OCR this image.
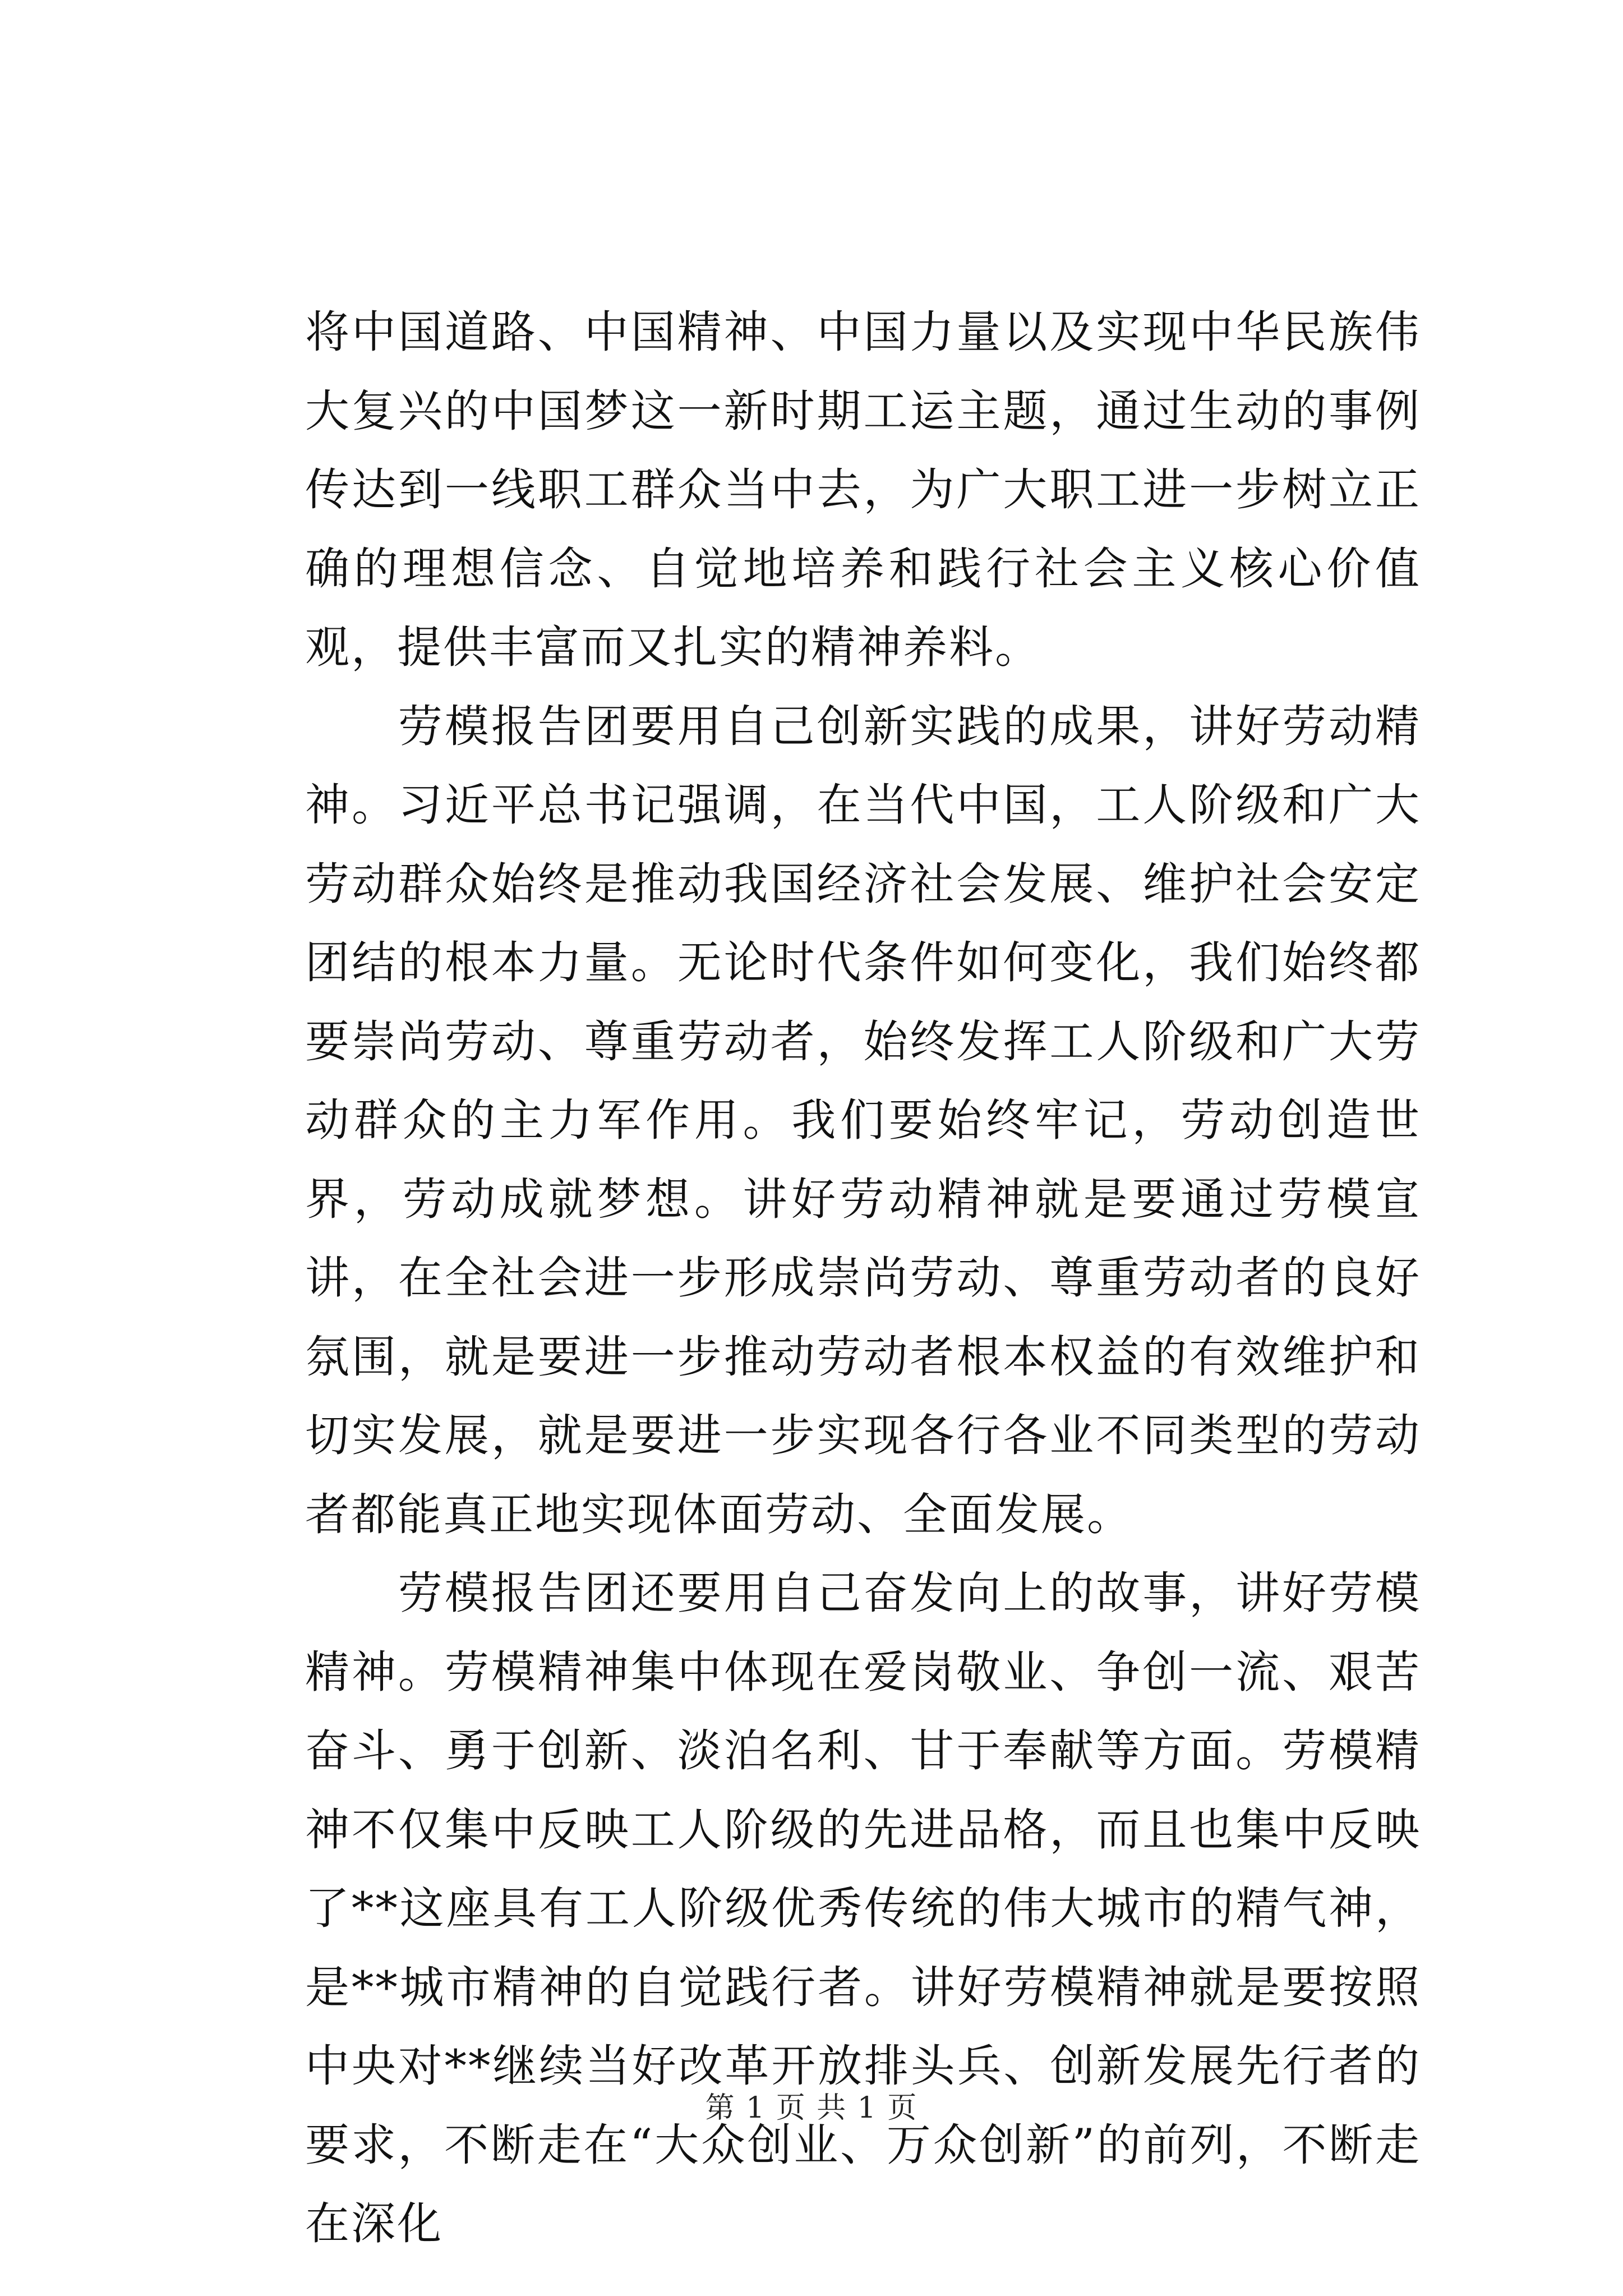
将中国道路、中国精神、中国力量以及实现中华民族伟大复兴的中国梦这一新时期工运主题，通过生动的事例传达到一线职工群众当中去，为广大职工进一步树立正确的理想信念、自觉地培养和践行社会主义核心价值观，提供丰富而又扎实的精神养料。

劳模报告团要用自己创新实践的成果，讲好劳动精神。习近平总书记强调，在当代中国，工人阶级和广大劳动群众始终是推动我国经济社会发展、维护社会安定团结的根本力量。无论时代条件如何变化，我们始终都要崇尚劳动、尊重劳动者，始终发挥工人阶级和广大劳动群众的主力军作用。我们要始终牢记，劳动创造世界，劳动成就梦想。讲好劳动精神就是要通过劳模宣讲，在全社会进一步形成崇尚劳动、尊重劳动者的良好氛围，就是要进一步推动劳动者根本权益的有效维护和切实发展，就是要进一步实现各行各业不同类型的劳动者都能真正地实现体面劳动、全面发展。

劳模报告团还要用自己奋发向上的故事，讲好劳模精神。劳模精神集中体现在爱岗敬业、争创一流、艰苦奋斗、勇于创新、淡泊名利、甘于奉献等方面。劳模精神不仅集中反映工人阶级的先进品格，而且也集中反映了**这座具有工人阶级优秀传统的伟大城市的精气神，是**城市精神的自觉践行者。讲好劳模精神就是要按照中央对**继续当好改革开放排头兵、创新发展先行者的要求，不断走在“大众创业、万众创新”的前列，不断走在深化

第 1 页 共 1 页
